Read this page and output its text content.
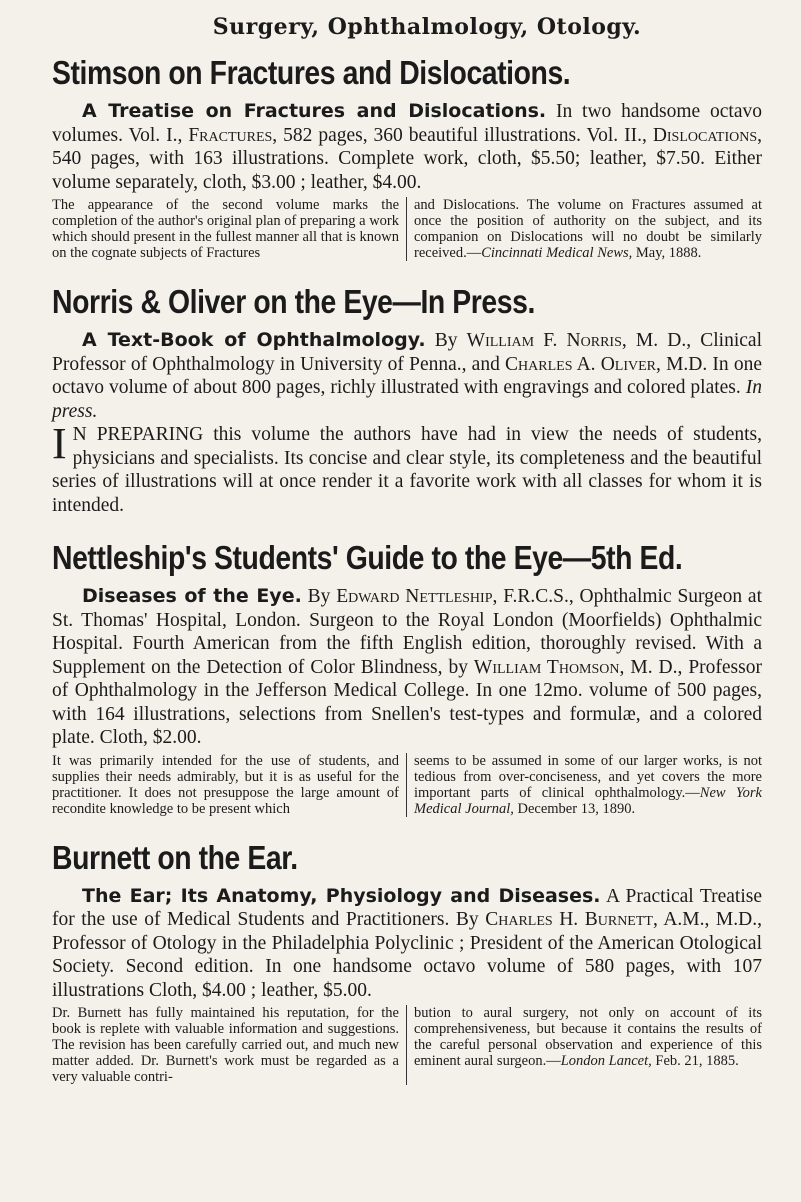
Surgery, Ophthalmology, Otology.
Stimson on Fractures and Dislocations.

A Treatise on Fractures and Dislocations. In two handsome octavo volumes. Vol. I., Fractures, 582 pages, 360 beautiful illustrations. Vol. II., Dislocations, 540 pages, with 163 illustrations. Complete work, cloth, $5.50; leather, $7.50. Either volume separately, cloth, $3.00 ; leather, $4.00.

The appearance of the second volume marks the completion of the author's original plan of preparing a work which should present in the fullest manner all that is known on the cognate subjects of Fractures
and Dislocations. The volume on Fractures assumed at once the position of authority on the subject, and its companion on Dislocations will no doubt be similarly received.—Cincinnati Medical News, May, 1888.
Norris & Oliver on the Eye—In Press.

A Text-Book of Ophthalmology. By William F. Norris, M. D., Clinical Professor of Ophthalmology in University of Penna., and Charles A. Oliver, M.D. In one octavo volume of about 800 pages, richly illustrated with engravings and colored plates. In press.

I N PREPARING this volume the authors have had in view the needs of students, physicians and specialists. Its concise and clear style, its completeness and the beautiful series of illustrations will at once render it a favorite work with all classes for whom it is intended.

Nettleship's Students' Guide to the Eye—5th Ed.

Diseases of the Eye. By Edward Nettleship, F.R.C.S., Ophthalmic Surgeon at St. Thomas' Hospital, London. Surgeon to the Royal London (Moorfields) Ophthalmic Hospital. Fourth American from the fifth English edition, thoroughly revised. With a Supplement on the Detection of Color Blindness, by William Thomson, M. D., Professor of Ophthalmology in the Jefferson Medical College. In one 12mo. volume of 500 pages, with 164 illustrations, selections from Snellen's test-types and formulæ, and a colored plate. Cloth, $2.00.

It was primarily intended for the use of students, and supplies their needs admirably, but it is as useful for the practitioner. It does not presuppose the large amount of recondite knowledge to be present which
seems to be assumed in some of our larger works, is not tedious from over-conciseness, and yet covers the more important parts of clinical ophthalmology.—New York Medical Journal, December 13, 1890.
Burnett on the Ear.

The Ear; Its Anatomy, Physiology and Diseases. A Practical Treatise for the use of Medical Students and Practitioners. By Charles H. Burnett, A.M., M.D., Professor of Otology in the Philadelphia Polyclinic ; President of the American Otological Society. Second edition. In one handsome octavo volume of 580 pages, with 107 illustrations Cloth, $4.00 ; leather, $5.00.

Dr. Burnett has fully maintained his reputation, for the book is replete with valuable information and suggestions. The revision has been carefully carried out, and much new matter added. Dr. Burnett's work must be regarded as a very valuable contri-
bution to aural surgery, not only on account of its comprehensiveness, but because it contains the results of the careful personal observation and experience of this eminent aural surgeon.—London Lancet, Feb. 21, 1885.
